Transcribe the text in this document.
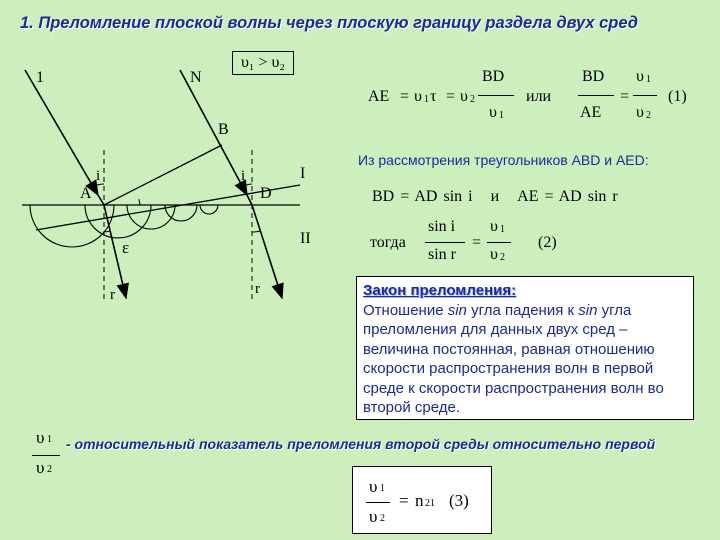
1. Преломление плоской волны через плоскую границу раздела двух сред
1	N
B
A	D
i	i
r	r
ε
I
II
υ₁ > υ₂
AE = υ 1 τ = υ 2
BD
υ 1
или
BD
AE
=
υ 1
υ 2
(1)
Из рассмотрения треугольников ABD и AED:
BD = AD sin i и AE = AD sin r
тогда
sin i
sin r
=
υ 1
υ 2
(2)
Закон преломления:
Отношение sin угла падения к sin угла преломления для данных двух сред – величина постоянная, равная отношению скорости распространения волн в первой среде к скорости распространения волн во второй среде.
υ 1
υ 2
- относительный показатель преломления второй среды относительно первой
υ 1
υ 2
= n 21 (3)
